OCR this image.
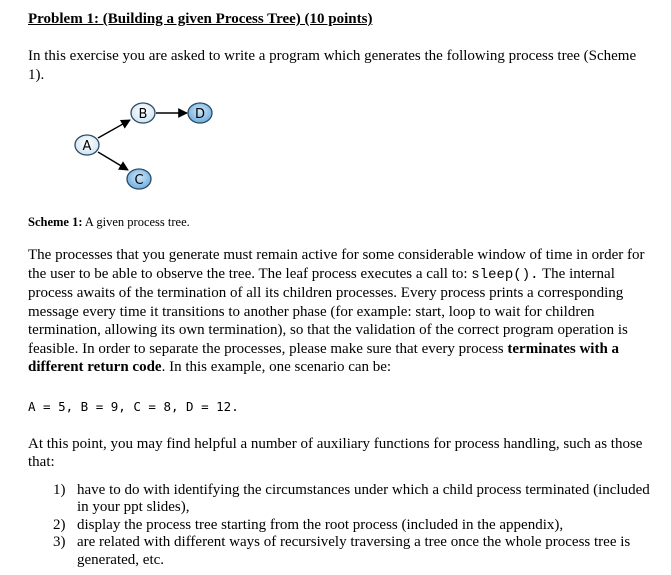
Problem 1: (Building a given Process Tree) (10 points)

In this exercise you are asked to write a program which generates the following process tree (Scheme 1).

A
B
C
D

Scheme 1: A given process tree.

The processes that you generate must remain active for some considerable window of time in order for the user to be able to observe the tree. The leaf process executes a call to: sleep(). The internal process awaits of the termination of all its children processes. Every process prints a corresponding message every time it transitions to another phase (for example: start, loop to wait for children termination, allowing its own termination), so that the validation of the correct program operation is feasible. In order to separate the processes, please make sure that every process terminates with a different return code. In this example, one scenario can be:

A = 5, B = 9, C = 8, D = 12.

At this point, you may find helpful a number of auxiliary functions for process handling, such as those that:

1) have to do with identifying the circumstances under which a child process terminated (included in your ppt slides),
2) display the process tree starting from the root process (included in the appendix),
3) are related with different ways of recursively traversing a tree once the whole process tree is generated, etc.
